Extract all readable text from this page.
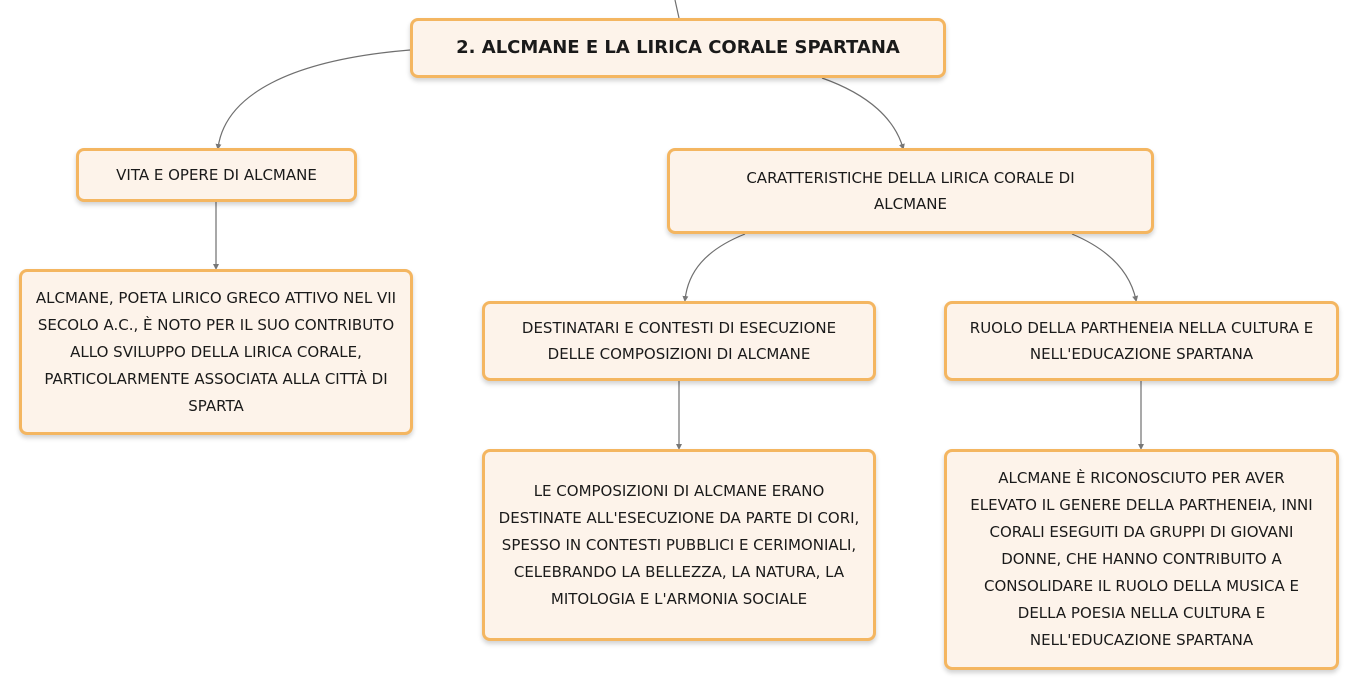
2. ALCMANE E LA LIRICA CORALE SPARTANA
VITA E OPERE DI ALCMANE
ALCMANE, POETA LIRICO GRECO ATTIVO NEL VII SECOLO A.C., È NOTO PER IL SUO CONTRIBUTO ALLO SVILUPPO DELLA LIRICA CORALE, PARTICOLARMENTE ASSOCIATA ALLA CITTÀ DI SPARTA
CARATTERISTICHE DELLA LIRICA CORALE DI ALCMANE
DESTINATARI E CONTESTI DI ESECUZIONE DELLE COMPOSIZIONI DI ALCMANE
LE COMPOSIZIONI DI ALCMANE ERANO DESTINATE ALL'ESECUZIONE DA PARTE DI CORI, SPESSO IN CONTESTI PUBBLICI E CERIMONIALI, CELEBRANDO LA BELLEZZA, LA NATURA, LA MITOLOGIA E L'ARMONIA SOCIALE
RUOLO DELLA PARTHENEIA NELLA CULTURA E NELL'EDUCAZIONE SPARTANA
ALCMANE È RICONOSCIUTO PER AVER ELEVATO IL GENERE DELLA PARTHENEIA, INNI CORALI ESEGUITI DA GRUPPI DI GIOVANI DONNE, CHE HANNO CONTRIBUITO A CONSOLIDARE IL RUOLO DELLA MUSICA E DELLA POESIA NELLA CULTURA E NELL'EDUCAZIONE SPARTANA
